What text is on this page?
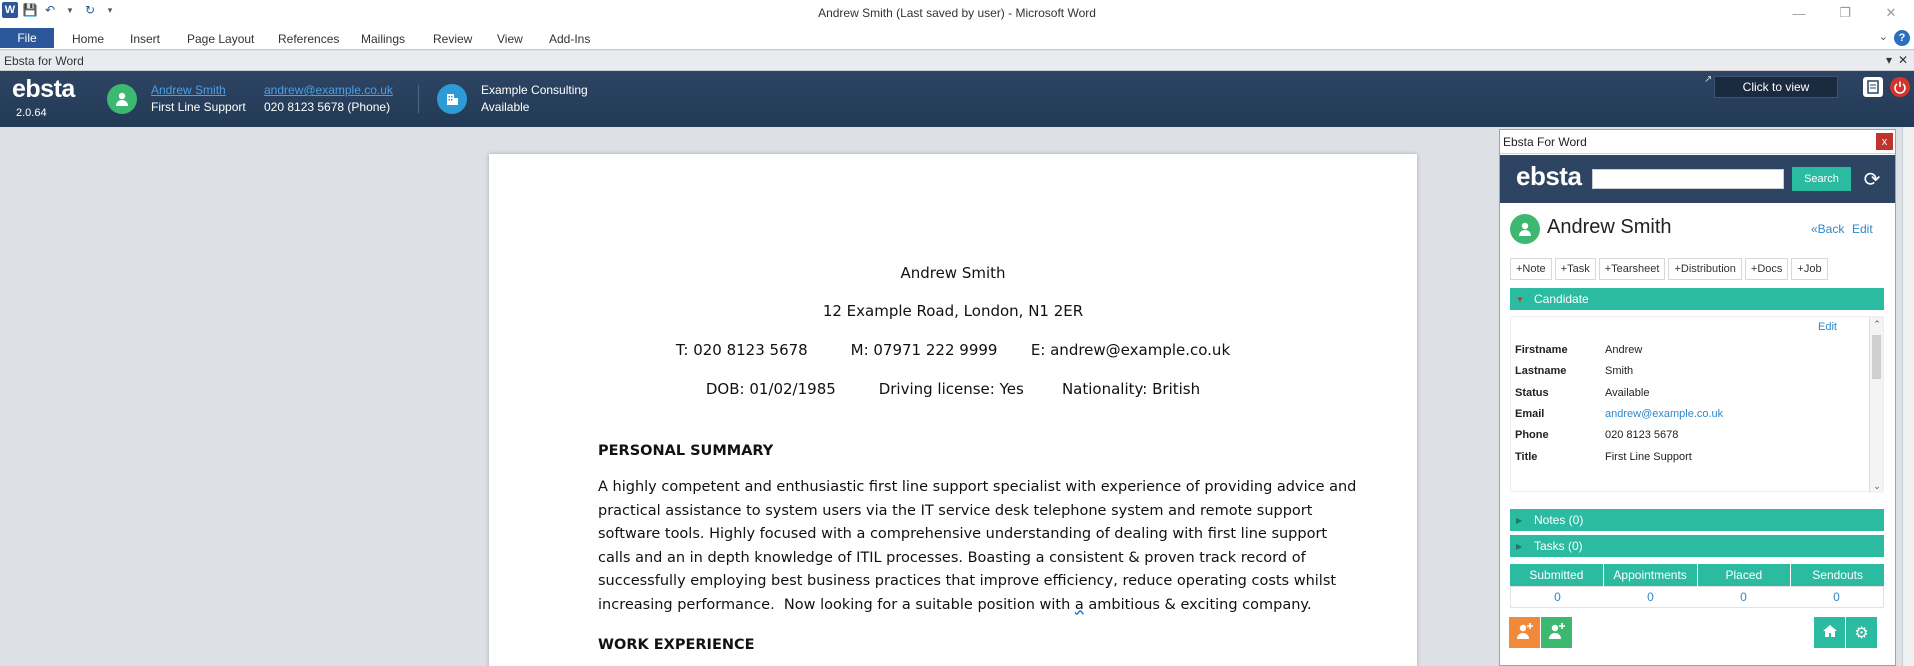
W 💾 ↶	▼ ↻	▾	Andrew Smith (Last saved by user) - Microsoft Word	—	❐	✕
File	Home	Insert	Page Layout	References	Mailings	Review	View	Add-Ins	⌄ ?
Ebsta for Word	▾ ✕
ebsta
2.0.64
Andrew Smith
First Line Support
andrew@example.co.uk
020 8123 5678 (Phone)
Example Consulting
Available
↗
Click to view
Andrew Smith
12 Example Road, London, N1 2ER
T: 020 8123 5678         M: 07971 222 9999       E: andrew@example.co.uk
DOB: 01/02/1985         Driving license: Yes        Nationality: British
PERSONAL SUMMARY
A highly competent and enthusiastic first line support specialist with experience of providing advice and
practical assistance to system users via the IT service desk telephone system and remote support
software tools. Highly focused with a comprehensive understanding of dealing with first line support
calls and an in depth knowledge of ITIL processes. Boasting a consistent & proven track record of
successfully employing best business practices that improve efficiency, reduce operating costs whilst
increasing performance.  Now looking for a suitable position with a ambitious & exciting company.
WORK EXPERIENCE
Ebsta For Word	x
ebsta	Search	⟳
Andrew Smith	«Back Edit
+Note	+Task	+Tearsheet	+Distribution	+Docs	+Job
▼ Candidate
Edit
Firstname	Andrew
Lastname	Smith
Status	Available
Email	andrew@example.co.uk
Phone	020 8123 5678
Title	First Line Support
⌃
⌄
▶ Notes (0)
▶ Tasks (0)
Submitted	Appointments	Placed	Sendouts
0	0	0	0
⚙
